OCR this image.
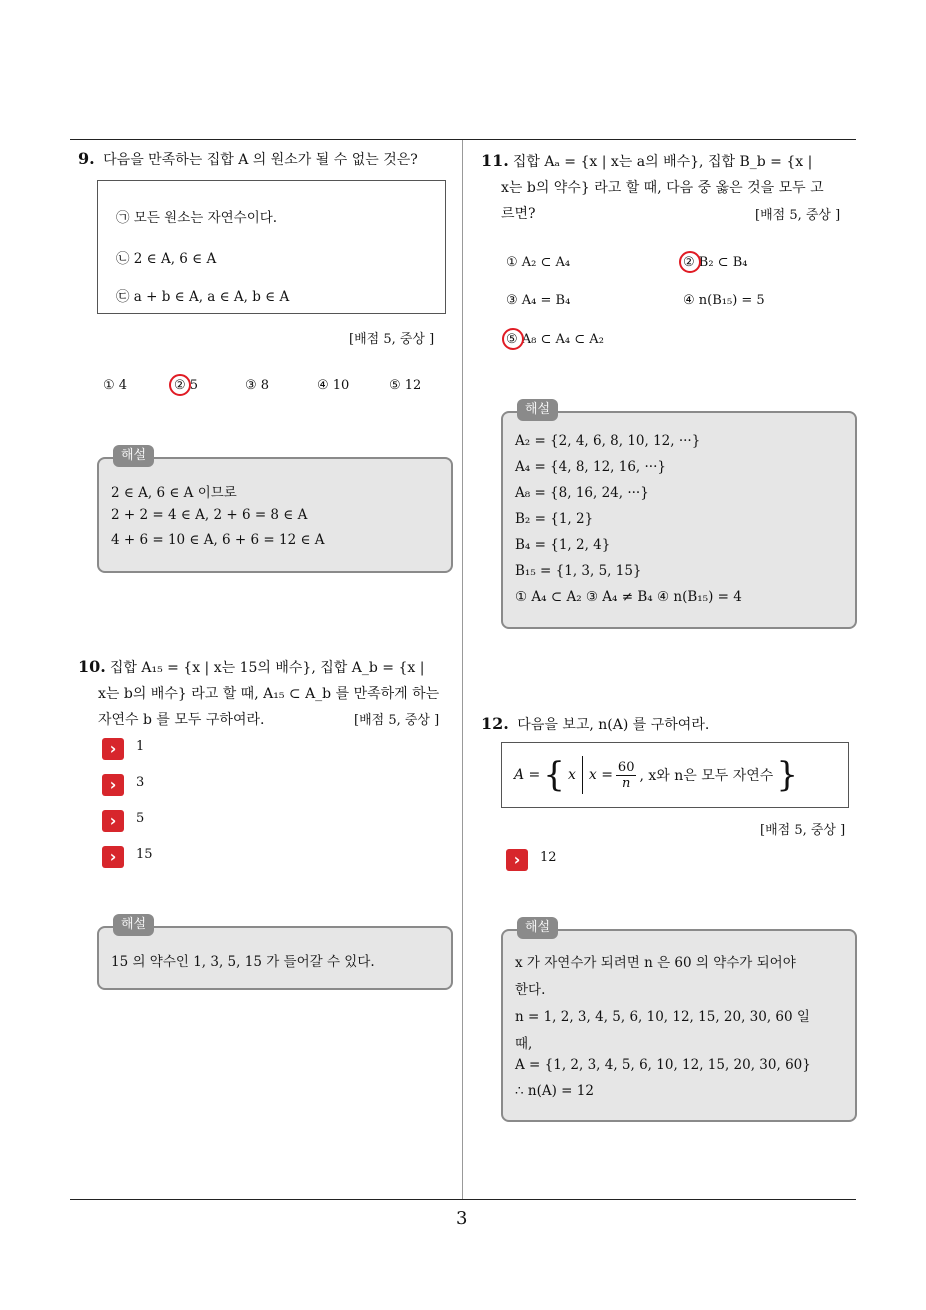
3
9. 다음을 만족하는 집합 A 의 원소가 될 수 없는 것은?
㉠ 모든 원소는 자연수이다.
㉡ 2 ∈ A, 6 ∈ A
㉢ a + b ∈ A, a ∈ A, b ∈ A
[배점 5, 중상 ]
① 4	② 5	③ 8	④ 10	⑤ 12
해설
2 ∈ A, 6 ∈ A 이므로
2 + 2 = 4 ∈ A, 2 + 6 = 8 ∈ A
4 + 6 = 10 ∈ A, 6 + 6 = 12 ∈ A
10. 집합 A₁₅ = {x | x는 15의 배수}, 집합 A_b = {x |
x는 b의 배수} 라고 할 때, A₁₅ ⊂ A_b 를 만족하게 하는
자연수 b 를 모두 구하여라.	[배점 5, 중상 ]
›	1
›	3
›	5
›	15
해설
15 의 약수인 1, 3, 5, 15 가 들어갈 수 있다.
11. 집합 Aₐ = {x | x는 a의 배수}, 집합 B_b = {x |
x는 b의 약수} 라고 할 때, 다음 중 옳은 것을 모두 고
르면?	[배점 5, 중상 ]
① A₂ ⊂ A₄	② B₂ ⊂ B₄
③ A₄ = B₄	④ n(B₁₅) = 5
⑤ A₈ ⊂ A₄ ⊂ A₂
해설
A₂ = {2, 4, 6, 8, 10, 12, ···}
A₄ = {4, 8, 12, 16, ···}
A₈ = {8, 16, 24, ···}
B₂ = {1, 2}
B₄ = {1, 2, 4}
B₁₅ = {1, 3, 5, 15}
① A₄ ⊂ A₂ ③ A₄ ≠ B₄ ④ n(B₁₅) = 4
12. 다음을 보고, n(A) 를 구하여라.
A = { x $x = \frac{60}{n}$ , x와 n은 모두 자연수 }
[배점 5, 중상 ]
›	12
해설
x 가 자연수가 되려면 n 은 60 의 약수가 되어야
한다.
n = 1, 2, 3, 4, 5, 6, 10, 12, 15, 20, 30, 60 일
때,
A = {1, 2, 3, 4, 5, 6, 10, 12, 15, 20, 30, 60}
∴ n(A) = 12
